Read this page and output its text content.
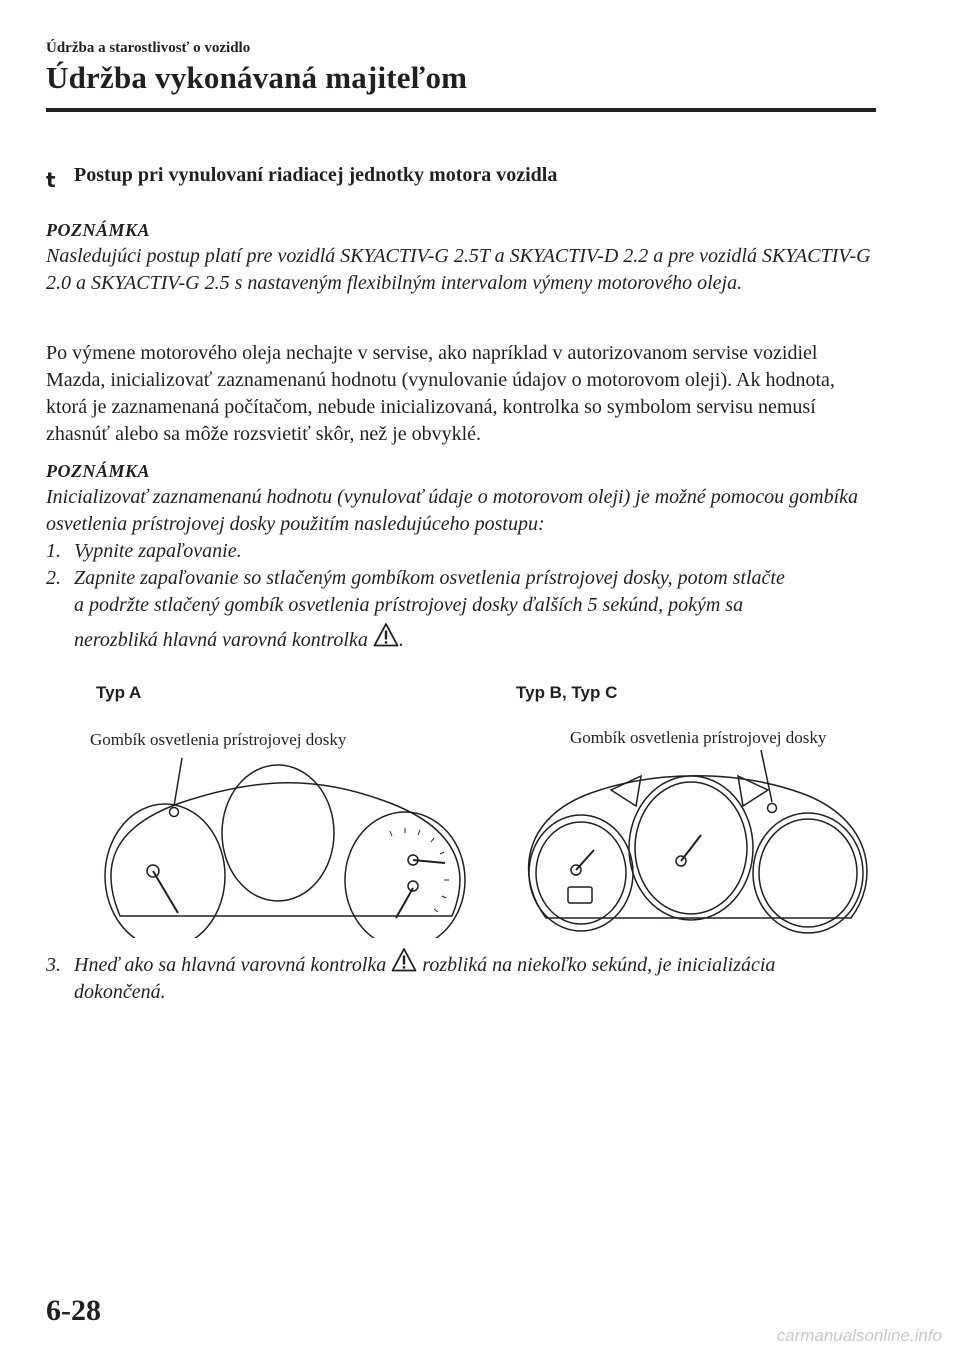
Údržba a starostlivosť o vozidlo
Údržba vykonávaná majiteľom
t Postup pri vynulovaní riadiacej jednotky motora vozidla
POZNÁMKA

Nasledujúci postup platí pre vozidlá SKYACTIV-G 2.5T a SKYACTIV-D 2.2 a pre vozidlá SKYACTIV-G 2.0 a SKYACTIV-G 2.5 s nastaveným flexibilným intervalom výmeny motorového oleja.

Po výmene motorového oleja nechajte v servise, ako napríklad v autorizovanom servise vozidiel Mazda, inicializovať zaznamenanú hodnotu (vynulovanie údajov o motorovom oleji). Ak hodnota, ktorá je zaznamenaná počítačom, nebude inicializovaná, kontrolka so symbolom servisu nemusí zhasnúť alebo sa môže rozsvietiť skôr, než je obvyklé.

POZNÁMKA

Inicializovať zaznamenanú hodnotu (vynulovať údaje o motorovom oleji) je možné pomocou gombíka osvetlenia prístrojovej dosky použitím nasledujúceho postupu:

1. Vypnite zapaľovanie.
2. Zapnite zapaľovanie so stlačeným gombíkom osvetlenia prístrojovej dosky, potom stlačte
a podržte stlačený gombík osvetlenia prístrojovej dosky ďalších 5 sekúnd, pokým sa
nerozbliká hlavná varovná kontrolka .
Typ A	Typ B, Typ C
Gombík osvetlenia prístrojovej dosky	Gombík osvetlenia prístrojovej dosky
3. Hneď ako sa hlavná varovná kontrolka rozbliká na niekoľko sekúnd, je inicializácia
dokončená.
6-28
carmanualsonline.info
